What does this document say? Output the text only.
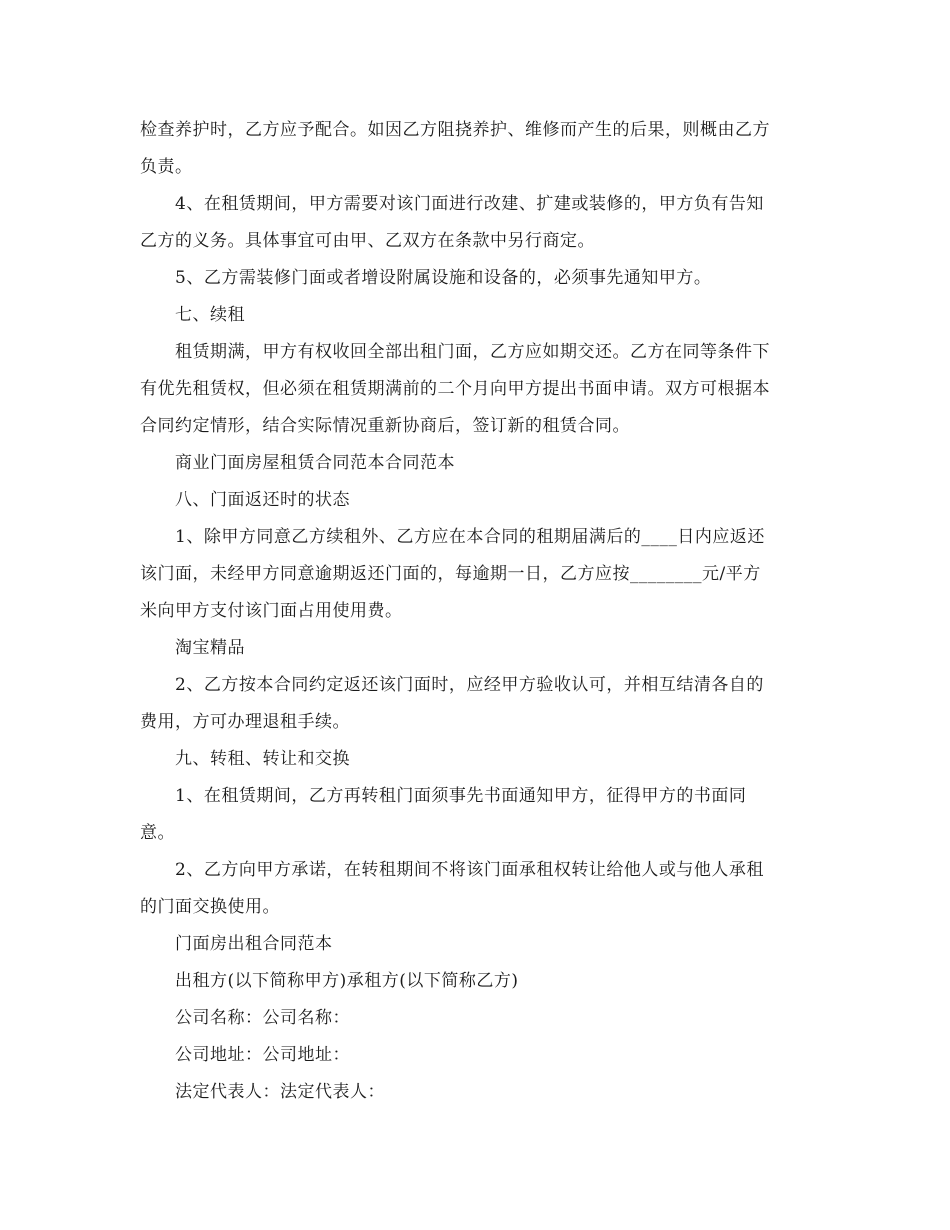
检查养护时，乙方应予配合。如因乙方阻挠养护、维修而产生的后果，则概由乙方
负责。
4、在租赁期间，甲方需要对该门面进行改建、扩建或装修的，甲方负有告知
乙方的义务。具体事宜可由甲、乙双方在条款中另行商定。
5、乙方需装修门面或者增设附属设施和设备的，必须事先通知甲方。
七、续租
租赁期满，甲方有权收回全部出租门面，乙方应如期交还。乙方在同等条件下
有优先租赁权，但必须在租赁期满前的二个月向甲方提出书面申请。双方可根据本
合同约定情形，结合实际情况重新协商后，签订新的租赁合同。
商业门面房屋租赁合同范本合同范本
八、门面返还时的状态
1、除甲方同意乙方续租外、乙方应在本合同的租期届满后的____日内应返还
该门面，未经甲方同意逾期返还门面的，每逾期一日，乙方应按________元/平方
米向甲方支付该门面占用使用费。
淘宝精品
2、乙方按本合同约定返还该门面时，应经甲方验收认可，并相互结清各自的
费用，方可办理退租手续。
九、转租、转让和交换
1、在租赁期间，乙方再转租门面须事先书面通知甲方，征得甲方的书面同
意。
2、乙方向甲方承诺，在转租期间不将该门面承租权转让给他人或与他人承租
的门面交换使用。
门面房出租合同范本
出租方(以下简称甲方)承租方(以下简称乙方)
公司名称：公司名称：
公司地址：公司地址：
法定代表人：法定代表人：
